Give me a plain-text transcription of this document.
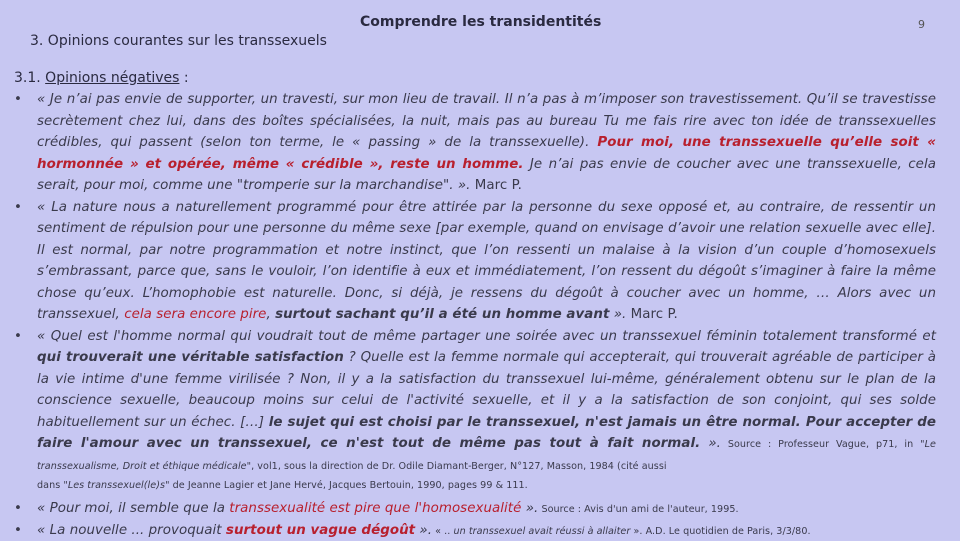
3. Opinions courantes sur les transsexuels
Comprendre les transidentités	9
3.1. Opinions négatives :
• « Je n’ai pas envie de supporter, un travesti, sur mon lieu de travail. Il n’a pas à m’imposer son travestissement. Qu’il se travestisse secrètement chez lui, dans des boîtes spécialisées, la nuit, mais pas au bureau Tu me fais rire avec ton idée de transsexuelles crédibles, qui passent (selon ton terme, le « passing » de la transsexuelle). Pour moi, une transsexuelle qu’elle soit « hormonnée » et opérée, même « crédible », reste un homme. Je n’ai pas envie de coucher avec une transsexuelle, cela serait, pour moi, comme une "tromperie sur la marchandise". ». Marc P.
• « La nature nous a naturellement programmé pour être attirée par la personne du sexe opposé et, au contraire, de ressentir un sentiment de répulsion pour une personne du même sexe [par exemple, quand on envisage d’avoir une relation sexuelle avec elle]. Il est normal, par notre programmation et notre instinct, que l’on ressenti un malaise à la vision d’un couple d’homosexuels s’embrassant, parce que, sans le vouloir, l’on identifie à eux et immédiatement, l’on ressent du dégoût s’imaginer à faire la même chose qu’eux. L’homophobie est naturelle. Donc, si déjà, je ressens du dégoût à coucher avec un homme, … Alors avec un transsexuel, cela sera encore pire, surtout sachant qu’il a été un homme avant ». Marc P.
• « Quel est l'homme normal qui voudrait tout de même partager une soirée avec un transsexuel féminin totalement transformé et qui trouverait une véritable satisfaction ? Quelle est la femme normale qui accepterait, qui trouverait agréable de participer à la vie intime d'une femme virilisée ? Non, il y a la satisfaction du transsexuel lui-même, généralement obtenu sur le plan de la conscience sexuelle, beaucoup moins sur celui de l'activité sexuelle, et il y a la satisfaction de son conjoint, qui ses solde habituellement sur un échec. […] le sujet qui est choisi par le transsexuel, n'est jamais un être normal. Pour accepter de faire l'amour avec un transsexuel, ce n'est tout de même pas tout à fait normal. ». Source : Professeur Vague, p71, in "Le transsexualisme, Droit et éthique médicale", vol1, sous la direction de Dr. Odile Diamant-Berger, N°127, Masson, 1984 (cité aussi
dans "Les transsexuel(le)s" de Jeanne Lagier et Jane Hervé, Jacques Bertouin, 1990, pages 99 & 111.
• « Pour moi, il semble que la transsexualité est pire que l'homosexualité ». Source : Avis d'un ami de l'auteur, 1995.
• « La nouvelle ... provoquait surtout un vague dégoût ». « .. un transsexuel avait réussi à allaiter ». A.D. Le quotidien de Paris, 3/3/80.
